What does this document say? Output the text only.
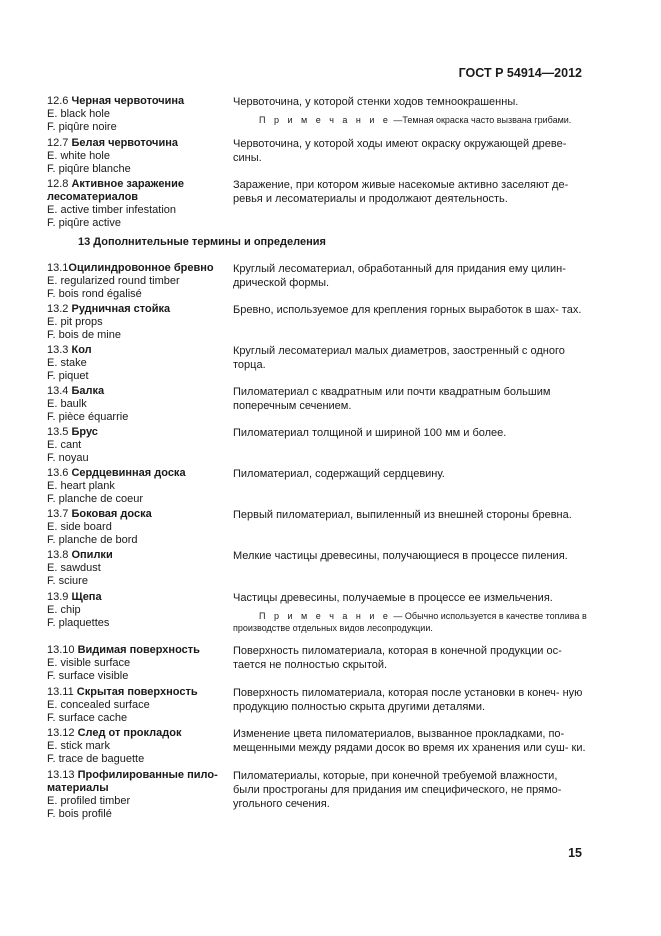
ГОСТ Р 54914—2012
12.6 Черная червоточина
E. black hole
F. piqûre noire
Червоточина, у которой стенки ходов темноокрашенны.
П р и м е ч а н и е —Темная окраска часто вызвана грибами.
12.7 Белая червоточина
E. white hole
F. piqûre blanche
Червоточина, у которой ходы имеют окраску окружающей древе- сины.
12.8 Активное заражение лесоматериалов
E. active timber infestation
F. piqûre active
Заражение, при котором живые насекомые активно заселяют де- ревья и лесоматериалы и продолжают деятельность.
13 Дополнительные термины и определения
13.1Оцилиндровонное бревно
E. regularized round timber
F. bois rond égalisé
Круглый лесоматериал, обработанный для придания ему цилин- дрической формы.
13.2 Рудничная стойка
E. pit props
F. bois de mine
Бревно, используемое для крепления горных выработок в шах- тах.
13.3 Кол
E. stake
F. piquet
Круглый лесоматериал малых диаметров, заостренный с одного торца.
13.4 Балка
E. baulk
F. pièce équarrie
Пиломатериал с квадратным или почти квадратным большим поперечным сечением.
13.5 Брус
E. cant
F. noyau
Пиломатериал толщиной и шириной 100 мм и более.
13.6 Сердцевинная доска
E. heart plank
F. planche de coeur
Пиломатериал, содержащий сердцевину.
13.7 Боковая доска
E. side board
F. planche de bord
Первый пиломатериал, выпиленный из внешней стороны бревна.
13.8 Опилки
E. sawdust
F. sciure
Мелкие частицы древесины, получающиеся в процессе пиления.
13.9 Щепа
E. chip
F. plaquettes
Частицы древесины, получаемые в процессе ее измельчения.
П р и м е ч а н и е — Обычно используется в качестве топлива в производстве отдельных видов лесопродукции.
13.10 Видимая поверхность
E. visible surface
F. surface visible
Поверхность пиломатериала, которая в конечной продукции ос- тается не полностью скрытой.
13.11 Скрытая поверхность
E. concealed surface
F. surface cache
Поверхность пиломатериала, которая после установки в конеч- ную продукцию полностью скрыта другими деталями.
13.12 След от прокладок
E. stick mark
F. trace de baguette
Изменение цвета пиломатериалов, вызванное прокладками, по- мещенными между рядами досок во время их хранения или суш- ки.
13.13 Профилированные пило- материалы
E. profiled timber
F. bois profilé
Пиломатериалы, которые, при конечной требуемой влажности, были прострoганы для придания им специфического, не прямо- угольного сечения.
15
